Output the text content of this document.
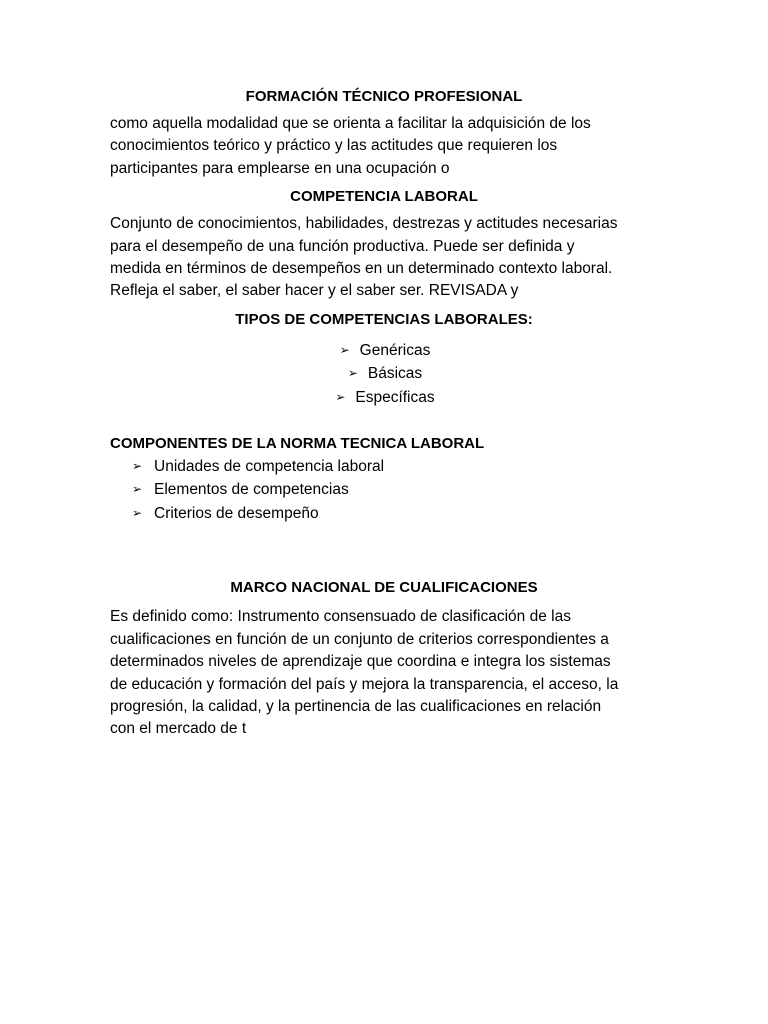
FORMACIÓN TÉCNICO PROFESIONAL

como aquella modalidad que se orienta a facilitar la adquisición de los
conocimientos teórico y práctico y las actitudes que requieren los
participantes para emplearse en una ocupación o

COMPETENCIA LABORAL

Conjunto de conocimientos, habilidades, destrezas y actitudes necesarias
para el desempeño de una función productiva. Puede ser definida y
medida en términos de desempeños en un determinado contexto laboral.
Refleja el saber, el saber hacer y el saber ser. REVISADA y

TIPOS DE COMPETENCIAS LABORALES:
➢ Genéricas
➢ Básicas
➢ Específicas
COMPONENTES DE LA NORMA TECNICA LABORAL
➢ Unidades de competencia laboral
➢ Elementos de competencias
➢ Criterios de desempeño
MARCO NACIONAL DE CUALIFICACIONES

Es definido como: Instrumento consensuado de clasificación de las
cualificaciones en función de un conjunto de criterios correspondientes a
determinados niveles de aprendizaje que coordina e integra los sistemas
de educación y formación del país y mejora la transparencia, el acceso, la
progresión, la calidad, y la pertinencia de las cualificaciones en relación
con el mercado de t
